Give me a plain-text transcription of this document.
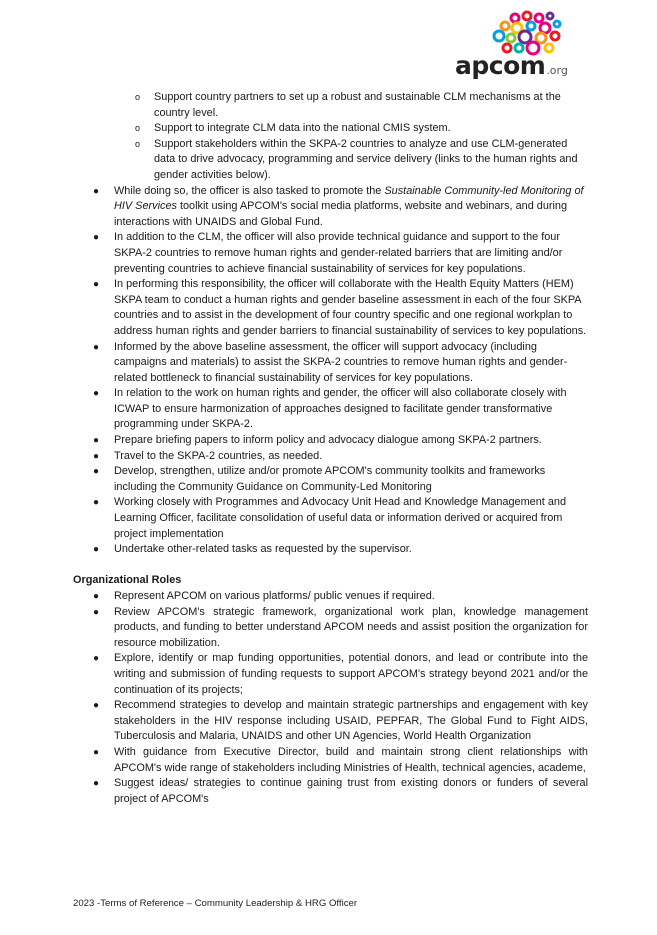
apcom.org
o Support country partners to set up a robust and sustainable CLM mechanisms at the country level.
o Support to integrate CLM data into the national CMIS system.
o Support stakeholders within the SKPA-2 countries to analyze and use CLM-generated data to drive advocacy, programming and service delivery (links to the human rights and gender activities below).
● While doing so, the officer is also tasked to promote the Sustainable Community-led Monitoring of HIV Services toolkit using APCOM's social media platforms, website and webinars, and during interactions with UNAIDS and Global Fund.
● In addition to the CLM, the officer will also provide technical guidance and support to the four SKPA-2 countries to remove human rights and gender-related barriers that are limiting and/or preventing countries to achieve financial sustainability of services for key populations.
● In performing this responsibility, the officer will collaborate with the Health Equity Matters (HEM) SKPA team to conduct a human rights and gender baseline assessment in each of the four SKPA countries and to assist in the development of four country specific and one regional workplan to address human rights and gender barriers to financial sustainability of services to key populations.
● Informed by the above baseline assessment, the officer will support advocacy (including campaigns and materials) to assist the SKPA-2 countries to remove human rights and gender-related bottleneck to financial sustainability of services for key populations.
● In relation to the work on human rights and gender, the officer will also collaborate closely with ICWAP to ensure harmonization of approaches designed to facilitate gender transformative programming under SKPA-2.
● Prepare briefing papers to inform policy and advocacy dialogue among SKPA-2 partners.
● Travel to the SKPA-2 countries, as needed.
● Develop, strengthen, utilize and/or promote APCOM's community toolkits and frameworks including the Community Guidance on Community-Led Monitoring
● Working closely with Programmes and Advocacy Unit Head and Knowledge Management and Learning Officer, facilitate consolidation of useful data or information derived or acquired from project implementation
● Undertake other-related tasks as requested by the supervisor.
Organizational Roles
● Represent APCOM on various platforms/ public venues if required.
● Review APCOM's strategic framework, organizational work plan, knowledge management products, and funding to better understand APCOM needs and assist position the organization for resource mobilization.
● Explore, identify or map funding opportunities, potential donors, and lead or contribute into the writing and submission of funding requests to support APCOM's strategy beyond 2021 and/or the continuation of its projects;
● Recommend strategies to develop and maintain strategic partnerships and engagement with key stakeholders in the HIV response including USAID, PEPFAR, The Global Fund to Fight AIDS, Tuberculosis and Malaria, UNAIDS and other UN Agencies, World Health Organization
● With guidance from Executive Director, build and maintain strong client relationships with APCOM's wide range of stakeholders including Ministries of Health, technical agencies, academe,
● Suggest ideas/ strategies to continue gaining trust from existing donors or funders of several project of APCOM's
2023 -Terms of Reference – Community Leadership & HRG Officer
